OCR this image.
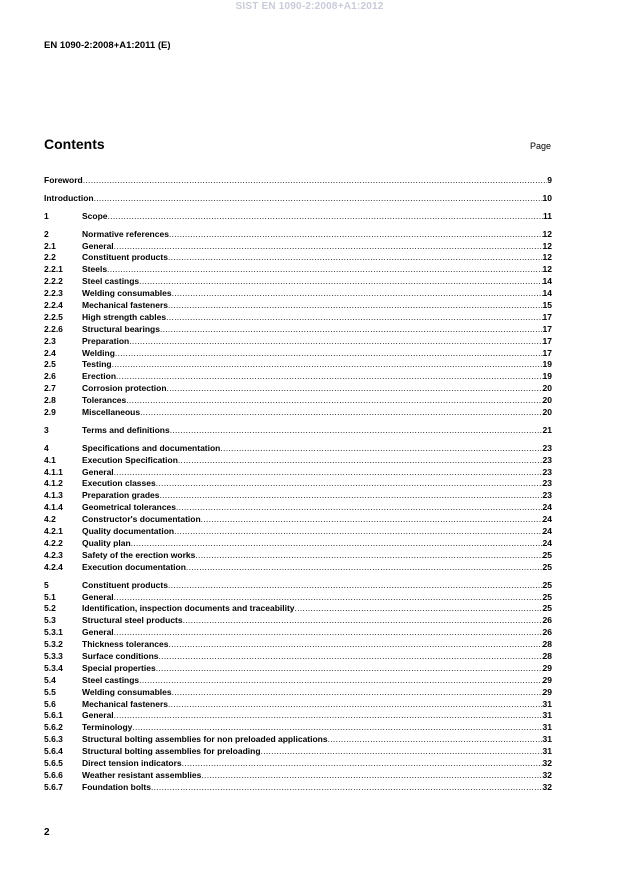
SIST EN 1090-2:2008+A1:2012
EN 1090-2:2008+A1:2011 (E)
Contents	Page
Foreword .....	9
Introduction .....	10
1	Scope .....	11
2	Normative references .....	12
2.1	General .....	12
2.2	Constituent products .....	12
2.2.1	Steels .....	12
2.2.2	Steel castings .....	14
2.2.3	Welding consumables .....	14
2.2.4	Mechanical fasteners .....	15
2.2.5	High strength cables .....	17
2.2.6	Structural bearings .....	17
2.3	Preparation .....	17
2.4	Welding .....	17
2.5	Testing .....	19
2.6	Erection .....	19
2.7	Corrosion protection .....	20
2.8	Tolerances .....	20
2.9	Miscellaneous .....	20
3	Terms and definitions .....	21
4	Specifications and documentation .....	23
4.1	Execution Specification .....	23
4.1.1	General .....	23
4.1.2	Execution classes .....	23
4.1.3	Preparation grades .....	23
4.1.4	Geometrical tolerances .....	24
4.2	Constructor's documentation .....	24
4.2.1	Quality documentation .....	24
4.2.2	Quality plan .....	24
4.2.3	Safety of the erection works .....	25
4.2.4	Execution documentation .....	25
5	Constituent products .....	25
5.1	General .....	25
5.2	Identification, inspection documents and traceability .....	25
5.3	Structural steel products .....	26
5.3.1	General .....	26
5.3.2	Thickness tolerances .....	28
5.3.3	Surface conditions .....	28
5.3.4	Special properties .....	29
5.4	Steel castings .....	29
5.5	Welding consumables .....	29
5.6	Mechanical fasteners .....	31
5.6.1	General .....	31
5.6.2	Terminology .....	31
5.6.3	Structural bolting assemblies for non preloaded applications .....	31
5.6.4	Structural bolting assemblies for preloading .....	31
5.6.5	Direct tension indicators .....	32
5.6.6	Weather resistant assemblies .....	32
5.6.7	Foundation bolts .....	32
2
